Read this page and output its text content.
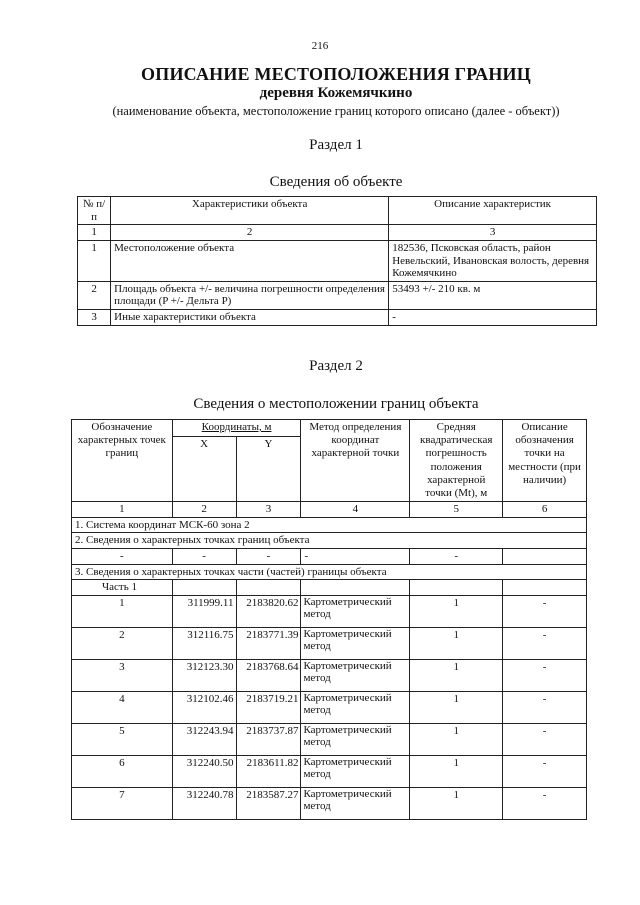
216
ОПИСАНИЕ МЕСТОПОЛОЖЕНИЯ ГРАНИЦ
деревня Кожемячкино
(наименование объекта, местоположение границ которого описано (далее - объект))
Раздел 1
Сведения об объекте
№ п/п	Характеристики объекта	Описание характеристик
1	2	3
1	Местоположение объекта	182536, Псковская область, район Невельский, Ивановская волость, деревня Кожемячкино
2	Площадь объекта +/- величина погрешности определения площади (P +/- Дельта P)	53493 +/- 210 кв. м
3	Иные характеристики объекта	-
Раздел 2
Сведения о местоположении границ объекта
Обозначение характерных точек границ	Координаты, м		Метод определения координат характерной точки	Средняя квадратическая погрешность положения характерной точки (Mt), м	Описание обозначения точки на местности (при наличии)
	X	Y			
1	2	3	4	5	6
1. Система координат МСК-60 зона 2					
2. Сведения о характерных точках границ объекта					
-	-	-	-	-	
3. Сведения о характерных точках части (частей) границы объекта					
Часть 1					
1	311999.11	2183820.62	Картометрический метод	1	-
2	312116.75	2183771.39	Картометрический метод	1	-
3	312123.30	2183768.64	Картометрический метод	1	-
4	312102.46	2183719.21	Картометрический метод	1	-
5	312243.94	2183737.87	Картометрический метод	1	-
6	312240.50	2183611.82	Картометрический метод	1	-
7	312240.78	2183587.27	Картометрический метод	1	-
